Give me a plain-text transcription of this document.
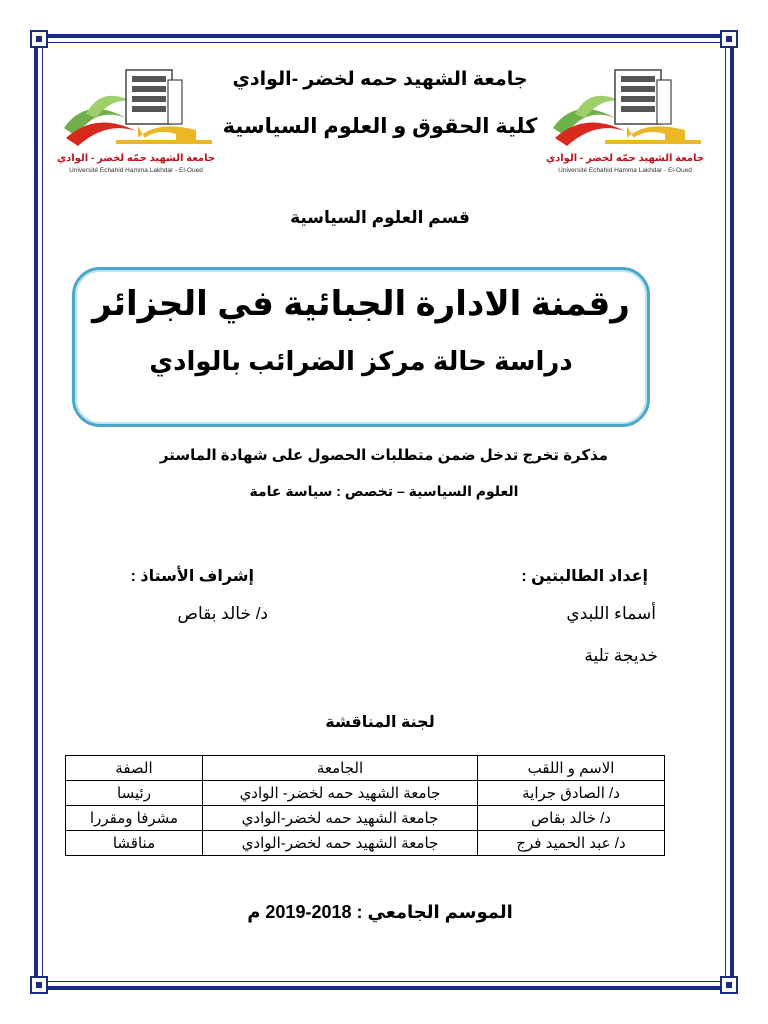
جامعة الشهيد حمّه لخضر - الوادي
Université Echahid Hamma Lakhdar - El-Oued
جامعة الشهيد حمّه لخضر - الوادي
Université Echahid Hamma Lakhdar - El-Oued
جامعة الشهيد حمه لخضر -الوادي
كلية الحقوق و العلوم السياسية
قسم العلوم السياسية
رقمنة الادارة الجبائية في الجزائر
دراسة حالة مركز الضرائب بالوادي
مذكرة تخرج تدخل ضمن متطلبات الحصول على شهادة الماستر
العلوم السياسية – تخصص : سياسة عامة
إعداد الطالبتين :
إشراف الأستاذ :
أسماء اللبدي
خديجة تلية
د/ خالد بقاص
لجنة المناقشة
الاسم و اللقب	الجامعة	الصفة
د/ الصادق جراية	جامعة الشهيد حمه لخضر- الوادي	رئيسا
د/ خالد بقاص	جامعة الشهيد حمه لخضر-الوادي	مشرفا ومقررا
د/ عبد الحميد فرج	جامعة الشهيد حمه لخضر-الوادي	مناقشا
الموسم الجامعي : 2018-2019 م
